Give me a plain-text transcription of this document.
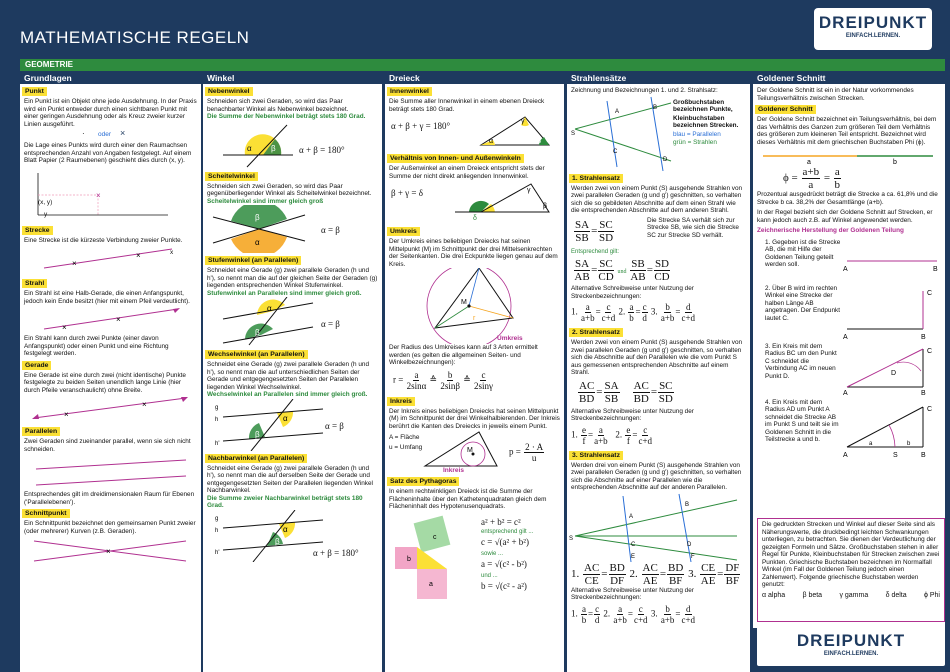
MATHEMATISCHE REGELN
DREIPUNKT
EINFACH.LERNEN.
GEOMETRIE
Grundlagen
Punkt
Ein Punkt ist ein Objekt ohne jede Ausdehnung. In der Praxis wird ein Punkt entweder durch einen sichtbaren Punkt mit einer geringen Ausdehnung oder als Kreuz zweier kurzer Linien ausgeführt.
· oder ×
Die Lage eines Punkts wird durch einer den Raumachsen entsprechenden Anzahl von Angaben festgelegt. Auf einem Blatt Papier (2 Raumebenen) geschieht dies durch (x, y).
×

(x, y)
y
x
Strecke
Eine Strecke ist die kürzeste Verbindung zweier Punkte.
×
×
Strahl
Ein Strahl ist eine Halb-Gerade, die einen Anfangspunkt, jedoch kein Ende besitzt (hier mit einem Pfeil verdeutlicht).
×
×
Ein Strahl kann durch zwei Punkte (einer davon Anfangspunkt) oder einen Punkt und eine Richtung festgelegt werden.
Gerade
Eine Gerade ist eine durch zwei (nicht identische) Punkte festgelegte zu beiden Seiten unendlich lange Linie (hier durch Pfeile veranschaulicht) ohne Breite.
×
×
Parallelen
Zwei Geraden sind zueinander parallel, wenn sie sich nicht schneiden.
Entsprechendes gilt im dreidimensionalen Raum für Ebenen ('Parallelebenen').
Schnittpunkt
Ein Schnittpunkt bezeichnet den gemeinsamen Punkt zweier (oder mehrerer) Kurven (z.B. Geraden).
×
Winkel
Nebenwinkel
Schneiden sich zwei Geraden, so wird das Paar benachbarter Winkel als Nebenwinkel bezeichnet.
Die Summe der Nebenwinkel beträgt stets 180 Grad.
α β	α + β = 180°
Scheitelwinkel
Schneiden sich zwei Geraden, so wird das Paar gegenüberliegender Winkel als Scheitelwinkel bezeichnet.
Scheitelwinkel sind immer gleich groß
β
α
α = β
Stufenwinkel (an Parallelen)
Schneidet eine Gerade (g) zwei parallele Geraden (h und h'), so nennt man die auf der gleichen Seite der Geraden (g) liegenden entsprechenden Winkel Stufenwinkel.
Stufenwinkel an Parallelen sind immer gleich groß.
α
β
α = β
Wechselwinkel (an Parallelen)
Schneidet eine Gerade (g) zwei parallele Geraden (h und h'), so nennt man die auf unterschiedlichen Seiten der Gerade und entgegengesetzten Seiten der Parallelen liegenden Winkel Wechselwinkel.
Wechselwinkel an Parallelen sind immer gleich groß.
α
β
g
h
h'
α = β
Nachbarwinkel (an Parallelen)
Schneidet eine Gerade (g) zwei parallele Geraden (h und h'), so nennt man die auf derselben Seite der Gerade und entgegengesetzten Seiten der Parallelen liegenden Winkel Nachbarwinkel.
Die Summe zweier Nachbarwinkel beträgt stets 180 Grad.
α
β
g
h
h'	α + β = 180°
Dreieck
Innenwinkel
Die Summe aller Innenwinkel in einem ebenen Dreieck beträgt stets 180 Grad.
α + β + γ = 180°
α	β
γ
Verhältnis von Innen- und Außenwinkeln
Der Außenwinkel an einem Dreieck entspricht stets der Summe der nicht direkt anliegenden Innenwinkel.
β + γ = δ
δ
β
γ
Umkreis
Der Umkreis eines beliebigen Dreiecks hat seinen Mittelpunkt (M) im Schnittpunkt der drei Mittelsenkrechten der Seitenkanten. Die drei Eckpunkte liegen genau auf dem Kreis.
M
r
Umkreis
Der Radius des Umkreises kann auf 3 Arten ermittelt werden (es gelten die allgemeinen Seiten- und Winkelbezeichnungen):
$r = \frac{a}{2\sin\alpha}$ ≙ $\frac{b}{2\sin\beta}$ ≙ $\frac{c}{2\sin\gamma}$
Inkreis
Der Inkreis eines beliebigen Dreiecks hat seinen Mittelpunkt (M) im Schnittpunkt der drei Winkelhalbierenden. Der Inkreis berührt die Kanten des Dreiecks in jeweils einem Punkt.
A = Fläche
u = Umfang	M
Inkreis
$p = \frac{2 \cdot A}{u}$
Satz des Pythagoras
In einem rechtwinkligen Dreieck ist die Summe der Flächeninhalte über den Kathetenquadraten gleich dem Flächeninhalt des Hypotenusenquadrats.
b
a
c
a² + b² = c²
entsprechend gilt ...
c = √(a² + b²)
sowie ...
a = √(c² - b²)
und ...
b = √(c² - a²)
Strahlensätze
Zeichnung und Bezeichnungen 1. und 2. Strahlsatz:
S
A
B
C
D
Großbuchstaben bezeichnen Punkte,
Kleinbuchstaben bezeichnen Strecken.
blau = Parallelen
grün = Strahlen
1. Strahlensatz
Werden zwei von einem Punkt (S) ausgehende Strahlen von zwei parallelen Geraden (g und g') geschnitten, so verhalten sich die so gebildeten Abschnitte auf dem einen Strahl wie die entsprechenden Abschnitte auf dem anderen Strahl.
$\frac{SA}{SB} = \frac{SC}{SD}$	Die Strecke SA verhält sich zur Strecke SB, wie sich die Strecke SC zur Strecke SD verhält.
Entsprechend gilt:
$\frac{SA}{AB} = \frac{SC}{CD}$ und $\frac{SB}{AB} = \frac{SD}{CD}$
Alternative Schreibweise unter Nutzung der Streckenbezeichnungen:
1. $\frac{a}{a+b} = \frac{c}{c+d} 2$. $\frac{a}{b} = \frac{c}{d} 3$. $\frac{b}{a+b} = \frac{d}{c+d}$
2. Strahlensatz
Werden zwei von einem Punkt (S) ausgehende Strahlen von zwei parallelen Geraden (g und g') geschnitten, so verhalten sich die Abschnitte auf den Parallelen wie die vom Punkt S aus gemessenen entsprechenden Abschnitte auf einem Strahl.
$\frac{AC}{BD} = \frac{SA}{SB}$
$\frac{AC}{BD} = \frac{SC}{SD}$
Alternative Schreibweise unter Nutzung der Streckenbezeichnungen:
1. $\frac{e}{f} = \frac{a}{a+b} 2$. $\frac{e}{f} = \frac{c}{c+d}$
3. Strahlensatz
Werden drei von einem Punkt (S) ausgehende Strahlen von zwei parallelen Geraden (g und g') geschnitten, so verhalten sich die Abschnitte auf einer Parallelen wie die entsprechenden Abschnitte auf der anderen Parallelen.
S
A
B
C	D
E	F
1. $\frac{AC}{CE} = \frac{BD}{DF} 2$. $\frac{AC}{AE} = \frac{BD}{BF} 3$. $\frac{CE}{AE} = \frac{DF}{BF}$
Alternative Schreibweise unter Nutzung der Streckenbezeichnungen:
1. $\frac{a}{b} = \frac{c}{d} 2$. $\frac{a}{a+b} = \frac{c}{c+d} 3$. $\frac{b}{a+b} = \frac{d}{c+d}$
Goldener Schnitt
Der Goldene Schnitt ist ein in der Natur vorkommendes Teilungsverhältnis zwischen Strecken.
Goldener Schnitt
Der Goldene Schnitt bezeichnet ein Teilungsverhältnis, bei dem das Verhältnis des Ganzen zum größeren Teil dem Verhältnis des größeren zum kleineren Teil entspricht. Bezeichnet wird dieses Verhältnis mit dem griechischen Buchstaben Phi (ϕ).
a	b
$\phi = \frac{a+b}{a} = \frac{a}{b}$
Prozentual ausgedrückt beträgt die Strecke a ca. 61,8% und die Strecke b ca. 38,2% der Gesamtlänge (a+b).
In der Regel bezieht sich der Goldene Schnitt auf Strecken, er kann jedoch auch z.B. auf Winkel angewendet werden.
Zeichnerische Herstellung der Goldenen Teilung
1. Gegeben ist die Strecke AB, die mit Hilfe der Goldenen Teilung geteilt werden soll.
A	B
2. Über B wird im rechten Winkel eine Strecke der halben Länge AB angetragen. Der Endpunkt lautet C.
A	B
C
3. Ein Kreis mit dem Radius BC um den Punkt C schneidet die Verbindung AC im neuen Punkt D.
A	B
C
D
4. Ein Kreis mit dem Radius AD um Punkt A schneidet die Strecke AB im Punkt S und teilt sie im Goldenen Schnitt in die Teilstrecke a und b.
A	B
C
S
a	b
Die gedruckten Strecken und Winkel auf dieser Seite sind als Näherungswerte, die druckbedingt leichten Schwankungen unterliegen, zu betrachten. Sie dienen der Verdeutlichung der gezeigten Formeln und Sätze. Großbuchstaben stehen in aller Regel für Punkte, Kleinbuchstaben für Strecken zwischen zwei Punkten. Griechische Buchstaben bezeichnen im Normalfall Winkel (im Fall der Goldenen Teilung jedoch einen Zahlenwert). Folgende griechische Buchstaben werden genutzt:
α alpha β beta γ gamma δ delta ϕ Phi
DREIPUNKT
EINFACH.LERNEN.
